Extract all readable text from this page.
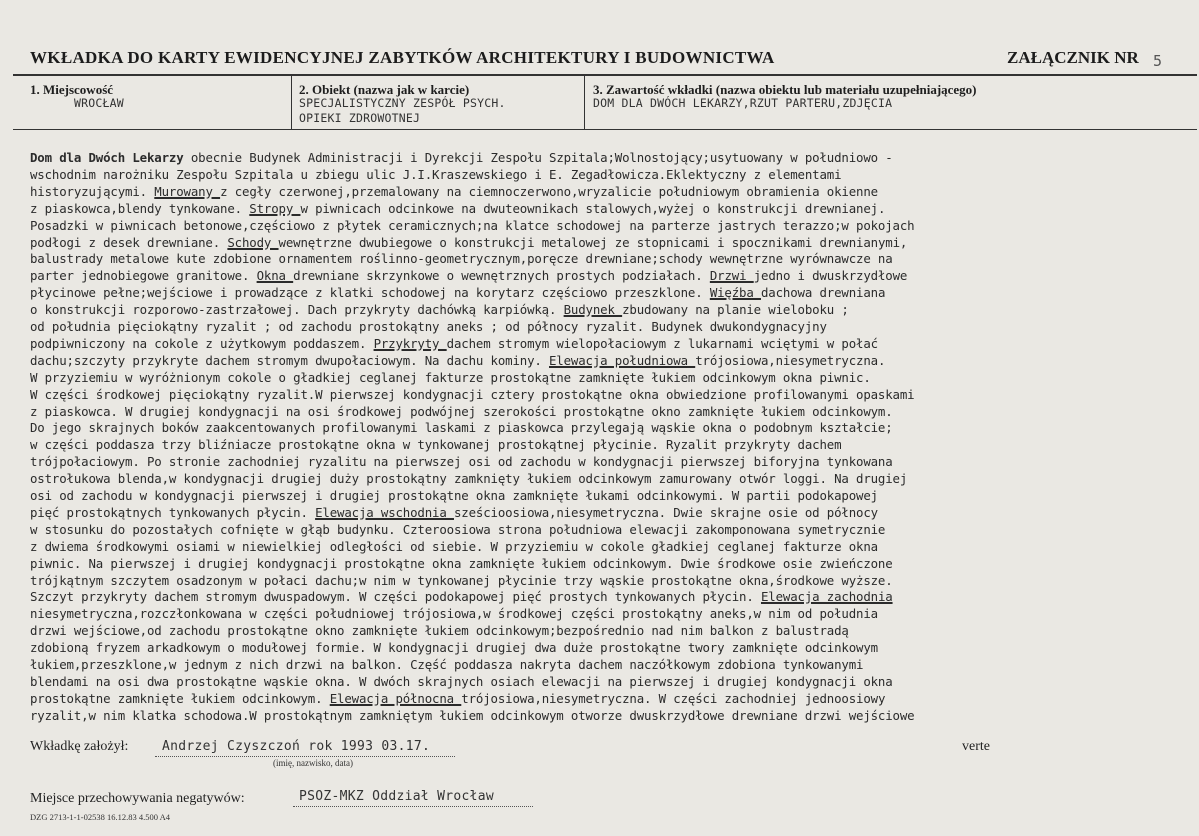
WKŁADKA DO KARTY EWIDENCYJNEJ ZABYTKÓW ARCHITEKTURY I BUDOWNICTWA	ZAŁĄCZNIK NR 5
1. Miejscowość
WROCŁAW
2. Obiekt (nazwa jak w karcie)
SPECJALISTYCZNY ZESPÓŁ PSYCH.
OPIEKI ZDROWOTNEJ
3. Zawartość wkładki (nazwa obiektu lub materiału uzupełniającego)
DOM DLA DWÓCH LEKARZY,RZUT PARTERU,ZDJĘCIA
Dom dla Dwóch Lekarzy obecnie Budynek Administracji i Dyrekcji Zespołu Szpitala;Wolnostojący;usytuowany w południowo -
wschodnim narożniku Zespołu Szpitala u zbiegu ulic J.I.Kraszewskiego i E. Zegadłowicza.Eklektyczny z elementami
historyzującymi. Murowany z cegły czerwonej,przemalowany na ciemnoczerwono,wryzalicie południowym obramienia okienne
z piaskowca,blendy tynkowane. Stropy w piwnicach odcinkowe na dwuteownikach stalowych,wyżej o konstrukcji drewnianej.
Posadzki w piwnicach betonowe,częściowo z płytek ceramicznych;na klatce schodowej na parterze jastrych terazzo;w pokojach
podłogi z desek drewniane. Schody wewnętrzne dwubiegowe o konstrukcji metalowej ze stopnicami i spocznikami drewnianymi,
balustrady metalowe kute zdobione ornamentem roślinno-geometrycznym,poręcze drewniane;schody wewnętrzne wyrównawcze na
parter jednobiegowe granitowe. Okna drewniane skrzynkowe o wewnętrznych prostych podziałach. Drzwi jedno i dwuskrzydłowe
płycinowe pełne;wejściowe i prowadzące z klatki schodowej na korytarz częściowo przeszklone. Więźba dachowa drewniana
o konstrukcji rozporowo-zastrzałowej. Dach przykryty dachówką karpiówką. Budynek zbudowany na planie wieloboku ;
od południa pięciokątny ryzalit ; od zachodu prostokątny aneks ; od północy ryzalit. Budynek dwukondygnacyjny
podpiwniczony na cokole z użytkowym poddaszem. Przykryty dachem stromym wielopołaciowym z lukarnami wciętymi w połać
dachu;szczyty przykryte dachem stromym dwupołaciowym. Na dachu kominy. Elewacja południowa trójosiowa,niesymetryczna.
W przyziemiu w wyróżnionym cokole o gładkiej ceglanej fakturze prostokątne zamknięte łukiem odcinkowym okna piwnic.
W części środkowej pięciokątny ryzalit.W pierwszej kondygnacji cztery prostokątne okna obwiedzione profilowanymi opaskami
z piaskowca. W drugiej kondygnacji na osi środkowej podwójnej szerokości prostokątne okno zamknięte łukiem odcinkowym.
Do jego skrajnych boków zaakcentowanych profilowanymi laskami z piaskowca przylegają wąskie okna o podobnym kształcie;
w części poddasza trzy bliźniacze prostokątne okna w tynkowanej prostokątnej płycinie. Ryzalit przykryty dachem
trójpołaciowym. Po stronie zachodniej ryzalitu na pierwszej osi od zachodu w kondygnacji pierwszej biforyjna tynkowana
ostrołukowa blenda,w kondygnacji drugiej duży prostokątny zamknięty łukiem odcinkowym zamurowany otwór loggi. Na drugiej
osi od zachodu w kondygnacji pierwszej i drugiej prostokątne okna zamknięte łukami odcinkowymi. W partii podokapowej
pięć prostokątnych tynkowanych płycin. Elewacja wschodnia sześcioosiowa,niesymetryczna. Dwie skrajne osie od północy
w stosunku do pozostałych cofnięte w głąb budynku. Czteroosiowa strona południowa elewacji zakomponowana symetrycznie
z dwiema środkowymi osiami w niewielkiej odległości od siebie. W przyziemiu w cokole gładkiej ceglanej fakturze okna
piwnic. Na pierwszej i drugiej kondygnacji prostokątne okna zamknięte łukiem odcinkowym. Dwie środkowe osie zwieńczone
trójkątnym szczytem osadzonym w połaci dachu;w nim w tynkowanej płycinie trzy wąskie prostokątne okna,środkowe wyższe.
Szczyt przykryty dachem stromym dwuspadowym. W części podokapowej pięć prostych tynkowanych płycin. Elewacja zachodnia
niesymetryczna,rozczłonkowana w części południowej trójosiowa,w środkowej części prostokątny aneks,w nim od południa
drzwi wejściowe,od zachodu prostokątne okno zamknięte łukiem odcinkowym;bezpośrednio nad nim balkon z balustradą
zdobioną fryzem arkadkowym o modułowej formie. W kondygnacji drugiej dwa duże prostokątne twory zamknięte odcinkowym
łukiem,przeszklone,w jednym z nich drzwi na balkon. Część poddasza nakryta dachem naczółkowym zdobiona tynkowanymi
blendami na osi dwa prostokątne wąskie okna. W dwóch skrajnych osiach elewacji na pierwszej i drugiej kondygnacji okna
prostokątne zamknięte łukiem odcinkowym. Elewacja północna trójosiowa,niesymetryczna. W części zachodniej jednoosiowy
ryzalit,w nim klatka schodowa.W prostokątnym zamkniętym łukiem odcinkowym otworze dwuskrzydłowe drewniane drzwi wejściowe
Wkładkę założył:	Andrzej Czyszczoń rok 1993 03.17.
(imię, nazwisko, data)
verte
Miejsce przechowywania negatywów:	PSOZ-MKZ Oddział Wrocław
DZG 2713-1-1-02538 16.12.83 4.500 A4
